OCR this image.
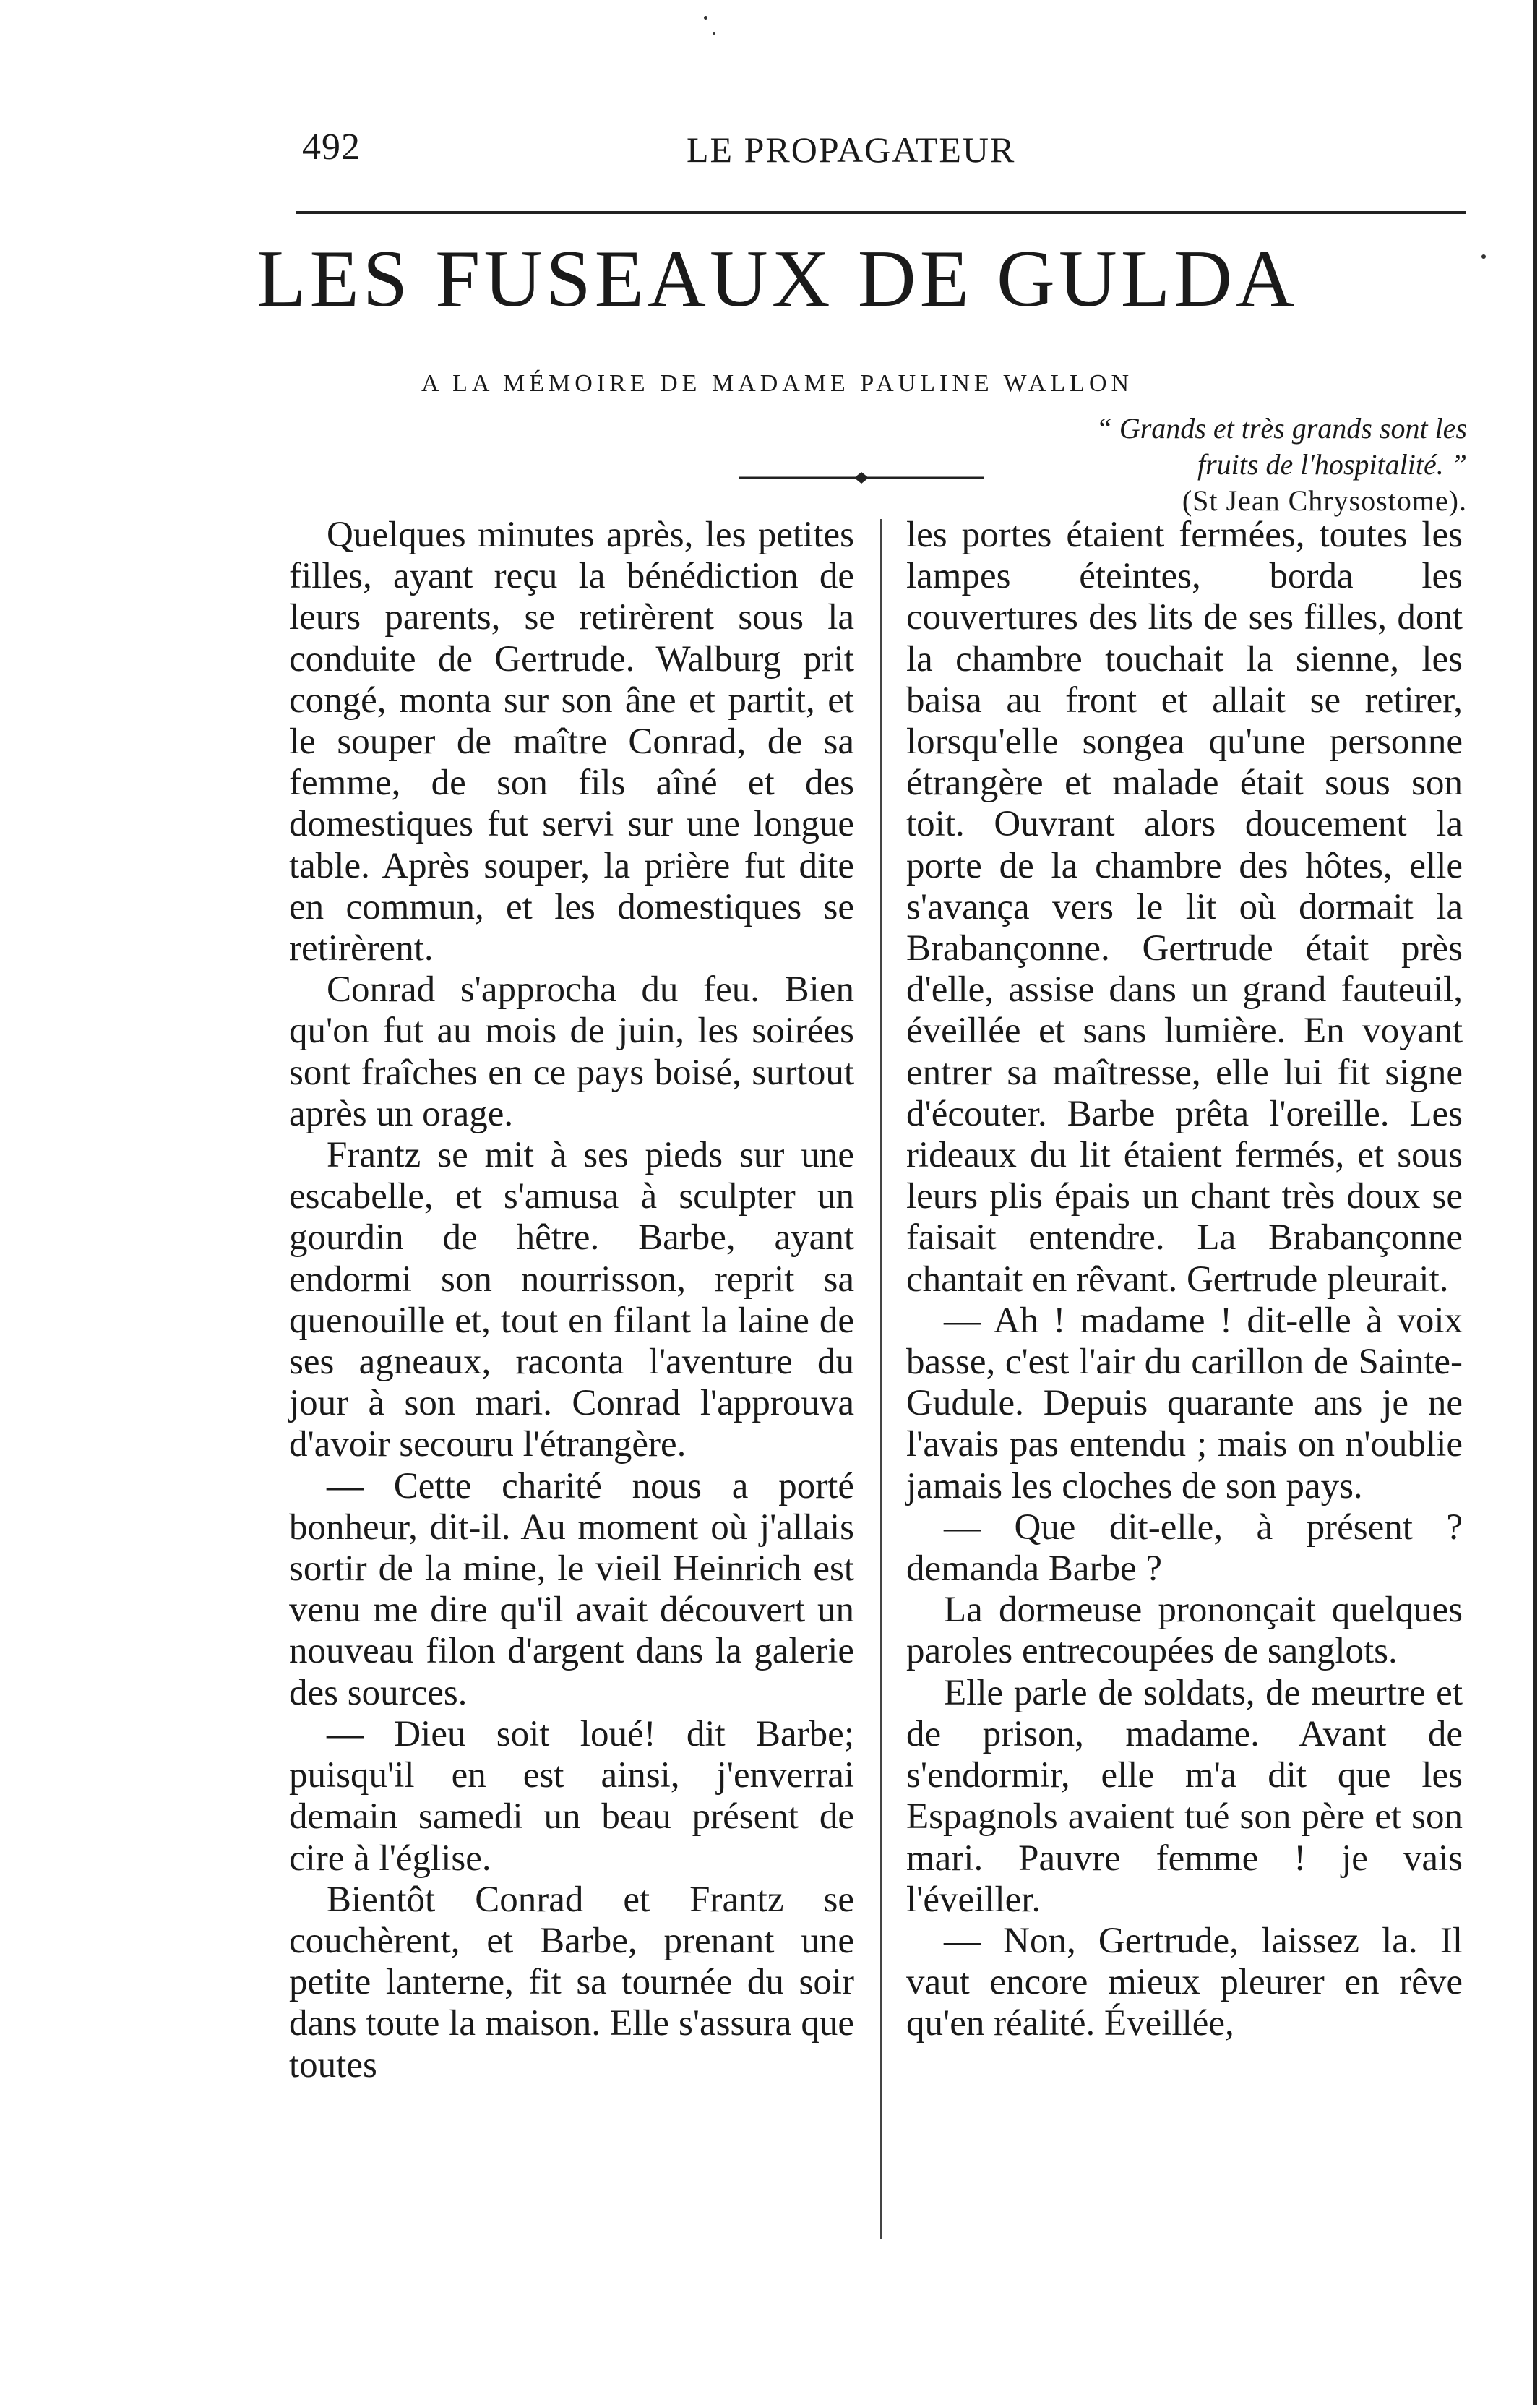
492	LE PROPAGATEUR
LES FUSEAUX DE GULDA
A LA MÉMOIRE DE MADAME PAULINE WALLON
“ Grands et très grands sont les
fruits de l'hospitalité. ”
(St Jean Chrysostome).

Quelques minutes après, les petites filles, ayant reçu la bénédiction de leurs parents, se retirèrent sous la conduite de Gertrude. Walburg prit congé, monta sur son âne et partit, et le souper de maître Conrad, de sa femme, de son fils aîné et des domestiques fut servi sur une longue table. Après souper, la prière fut dite en commun, et les domestiques se retirèrent.

Conrad s'approcha du feu. Bien qu'on fut au mois de juin, les soirées sont fraîches en ce pays boisé, surtout après un orage.

Frantz se mit à ses pieds sur une escabelle, et s'amusa à sculpter un gourdin de hêtre. Barbe, ayant endormi son nourrisson, reprit sa quenouille et, tout en filant la laine de ses agneaux, raconta l'aventure du jour à son mari. Conrad l'approuva d'avoir secouru l'étrangère.

— Cette charité nous a porté bonheur, dit-il. Au moment où j'allais sortir de la mine, le vieil Heinrich est venu me dire qu'il avait découvert un nouveau filon d'argent dans la galerie des sources.

— Dieu soit loué! dit Barbe; puisqu'il en est ainsi, j'enverrai demain samedi un beau présent de cire à l'église.

Bientôt Conrad et Frantz se couchèrent, et Barbe, prenant une petite lanterne, fit sa tournée du soir dans toute la maison. Elle s'assura que toutes

les portes étaient fermées, toutes les lampes éteintes, borda les couvertures des lits de ses filles, dont la chambre touchait la sienne, les baisa au front et allait se retirer, lorsqu'elle songea qu'une personne étrangère et malade était sous son toit. Ouvrant alors doucement la porte de la chambre des hôtes, elle s'avança vers le lit où dormait la Brabançonne. Gertrude était près d'elle, assise dans un grand fauteuil, éveillée et sans lumière. En voyant entrer sa maîtresse, elle lui fit signe d'écouter. Barbe prêta l'oreille. Les rideaux du lit étaient fermés, et sous leurs plis épais un chant très doux se faisait entendre. La Brabançonne chantait en rêvant. Gertrude pleurait.

— Ah ! madame ! dit-elle à voix basse, c'est l'air du carillon de Sainte-Gudule. Depuis quarante ans je ne l'avais pas entendu ; mais on n'oublie jamais les cloches de son pays.

— Que dit-elle, à présent ? demanda Barbe ?

La dormeuse prononçait quelques paroles entrecoupées de sanglots.

Elle parle de soldats, de meurtre et de prison, madame. Avant de s'endormir, elle m'a dit que les Espagnols avaient tué son père et son mari. Pauvre femme ! je vais l'éveiller.

— Non, Gertrude, laissez la. Il vaut encore mieux pleurer en rêve qu'en réalité. Éveillée,
